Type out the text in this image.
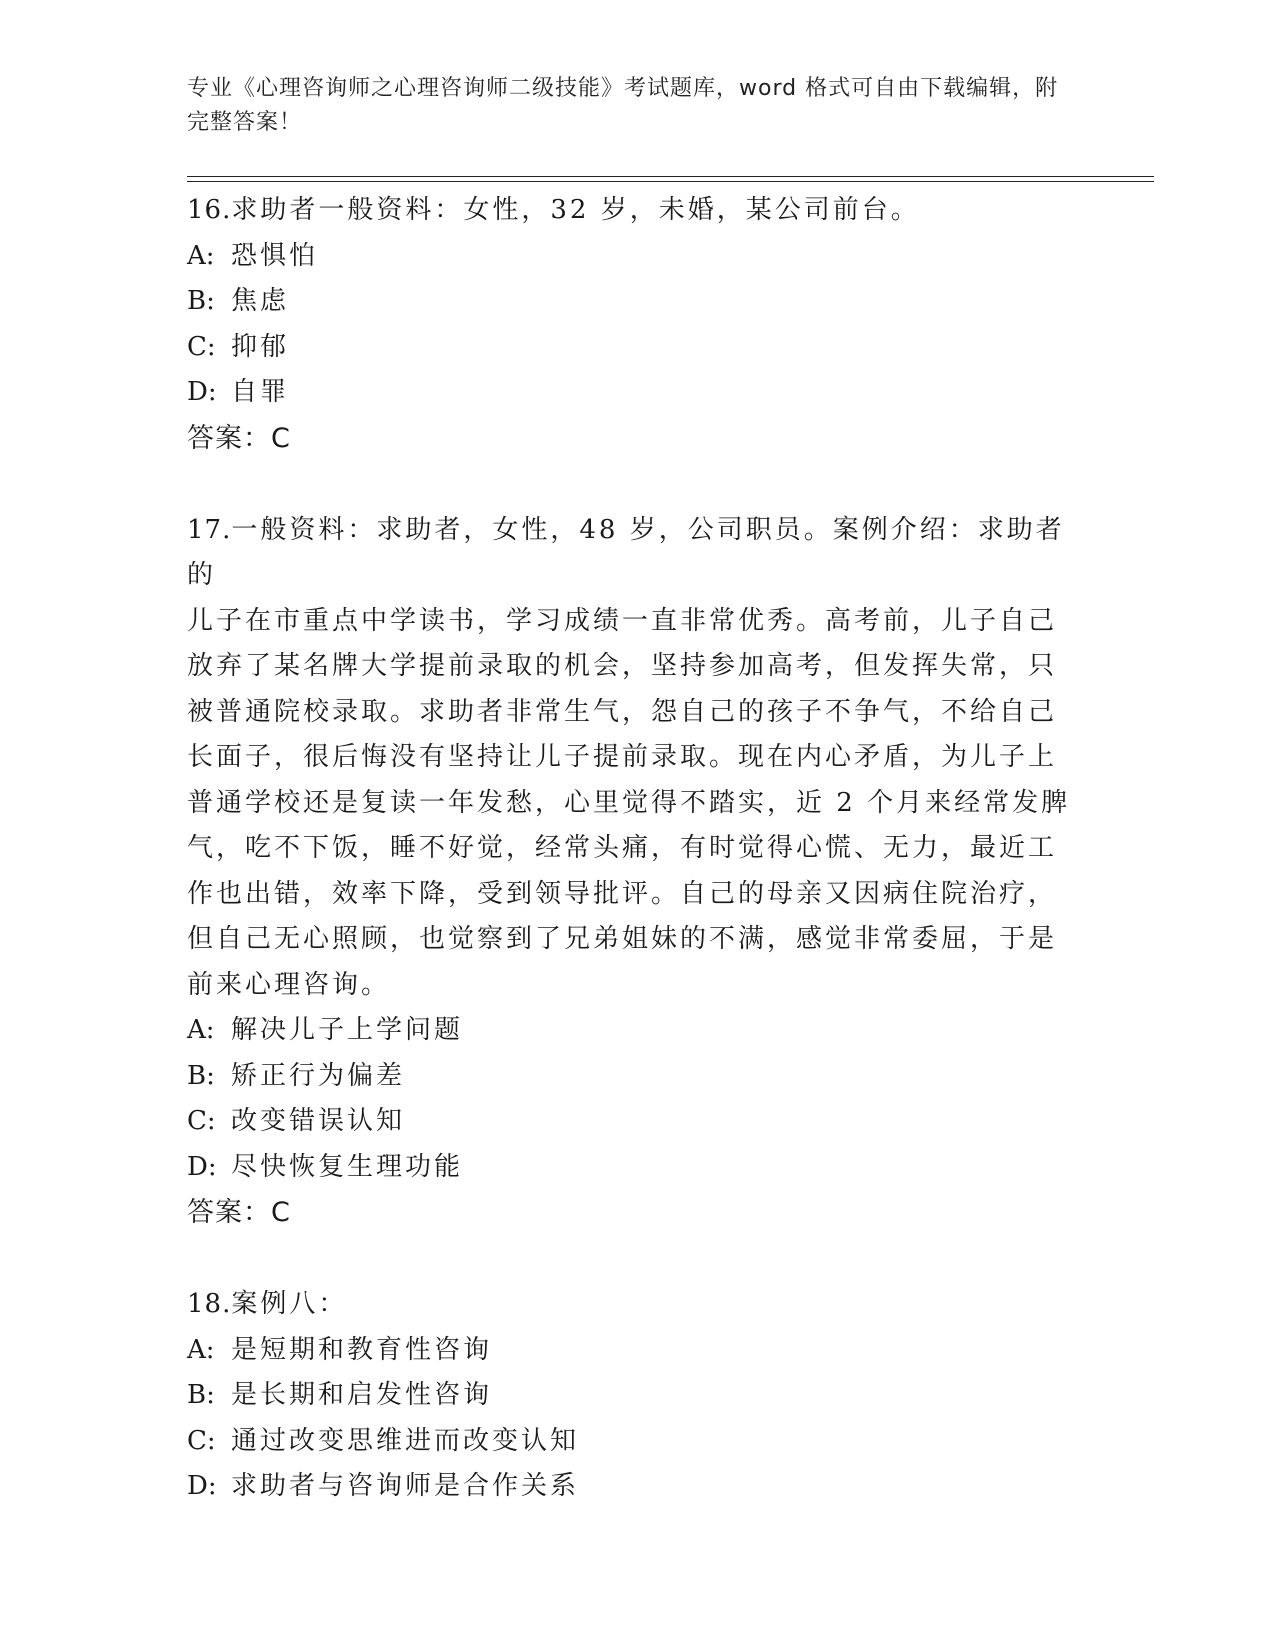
专业《心理咨询师之心理咨询师二级技能》考试题库，word 格式可自由下载编辑，附完整答案！

16.求助者一般资料：女性，32 岁，未婚，某公司前台。

A: 恐惧怕

B: 焦虑

C: 抑郁

D: 自罪

答案：C

17.一般资料：求助者，女性，48 岁，公司职员。案例介绍：求助者的

儿子在市重点中学读书，学习成绩一直非常优秀。高考前，儿子自己

放弃了某名牌大学提前录取的机会，坚持参加高考，但发挥失常，只

被普通院校录取。求助者非常生气，怨自己的孩子不争气，不给自己

长面子，很后悔没有坚持让儿子提前录取。现在内心矛盾，为儿子上

普通学校还是复读一年发愁，心里觉得不踏实，近 2 个月来经常发脾

气，吃不下饭，睡不好觉，经常头痛，有时觉得心慌、无力，最近工

作也出错，效率下降，受到领导批评。自己的母亲又因病住院治疗，

但自己无心照顾，也觉察到了兄弟姐妹的不满，感觉非常委屈，于是

前来心理咨询。

A: 解决儿子上学问题

B: 矫正行为偏差

C: 改变错误认知

D: 尽快恢复生理功能

答案：C

18.案例八：

A: 是短期和教育性咨询

B: 是长期和启发性咨询

C: 通过改变思维进而改变认知

D: 求助者与咨询师是合作关系
